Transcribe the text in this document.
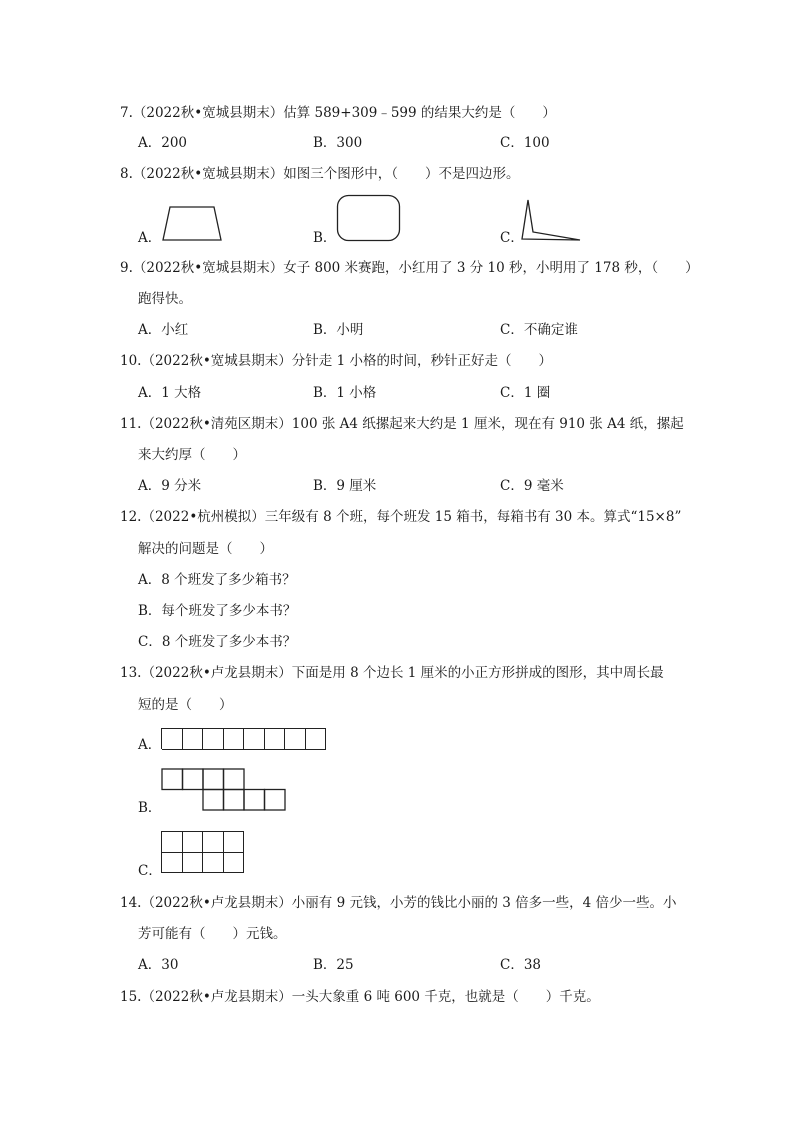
7.（2022秋•宽城县期末）估算 589+309﹣599 的结果大约是（　　）
A．200	B．300	C．100
8.（2022秋•宽城县期末）如图三个图形中，（　　）不是四边形。
A．	B．	C．
9.（2022秋•宽城县期末）女子 800 米赛跑，小红用了 3 分 10 秒，小明用了 178 秒，（　　）
跑得快。
A．小红	B．小明	C．不确定谁
10.（2022秋•宽城县期末）分针走 1 小格的时间，秒针正好走（　　）
A．1 大格	B．1 小格	C．1 圈
11.（2022秋•清苑区期末）100 张 A4 纸摞起来大约是 1 厘米，现在有 910 张 A4 纸，摞起
来大约厚（　　）
A．9 分米	B．9 厘米	C．9 毫米
12.（2022•杭州模拟）三年级有 8 个班，每个班发 15 箱书，每箱书有 30 本。算式“15×8”
解决的问题是（　　）
A．8 个班发了多少箱书？
B．每个班发了多少本书？
C．8 个班发了多少本书？
13.（2022秋•卢龙县期末）下面是用 8 个边长 1 厘米的小正方形拼成的图形，其中周长最
短的是（　　）
A．
B．
C．
14.（2022秋•卢龙县期末）小丽有 9 元钱，小芳的钱比小丽的 3 倍多一些，4 倍少一些。小
芳可能有（　　）元钱。
A．30	B．25	C．38
15.（2022秋•卢龙县期末）一头大象重 6 吨 600 千克，也就是（　　）千克。
